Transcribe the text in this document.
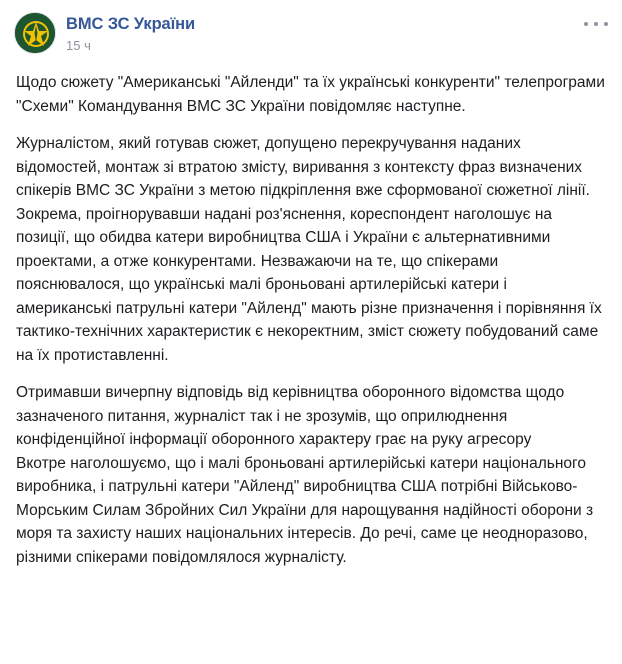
ВМС ЗС України
15 ч

Щодо сюжету "Американські "Айленди" та їх українські конкуренти" телепрограми "Схеми" Командування ВМС ЗС України повідомляє наступне.

Журналістом, який готував сюжет, допущено перекручування наданих відомостей, монтаж зі втратою змісту, виривання з контексту фраз визначених спікерів ВМС ЗС України з метою підкріплення вже сформованої сюжетної лінії. Зокрема, проігнорувавши надані роз'яснення, кореспондент наголошує на позиції, що обидва катери виробництва США і України є альтернативними проектами, а отже конкурентами. Незважаючи на те, що спікерами пояснювалося, що українські малі броньовані артилерійські катери і американські патрульні катери "Айленд" мають різне призначення і порівняння їх тактико-технічних характеристик є некоректним, зміст сюжету побудований саме на їх протиставленні.

Отримавши вичерпну відповідь від керівництва оборонного відомства щодо зазначеного питання, журналіст так і не зрозумів, що оприлюднення конфіденційної інформації оборонного характеру грає на руку агресору

Вкотре наголошуємо, що і малі броньовані артилерійські катери національного виробника, і патрульні катери "Айленд" виробництва США потрібні Військово-Морським Силам Збройних Сил України для нарощування надійності оборони з моря та захисту наших національних інтересів. До речі, саме це неодноразово, різними спікерами повідомлялося журналісту.
